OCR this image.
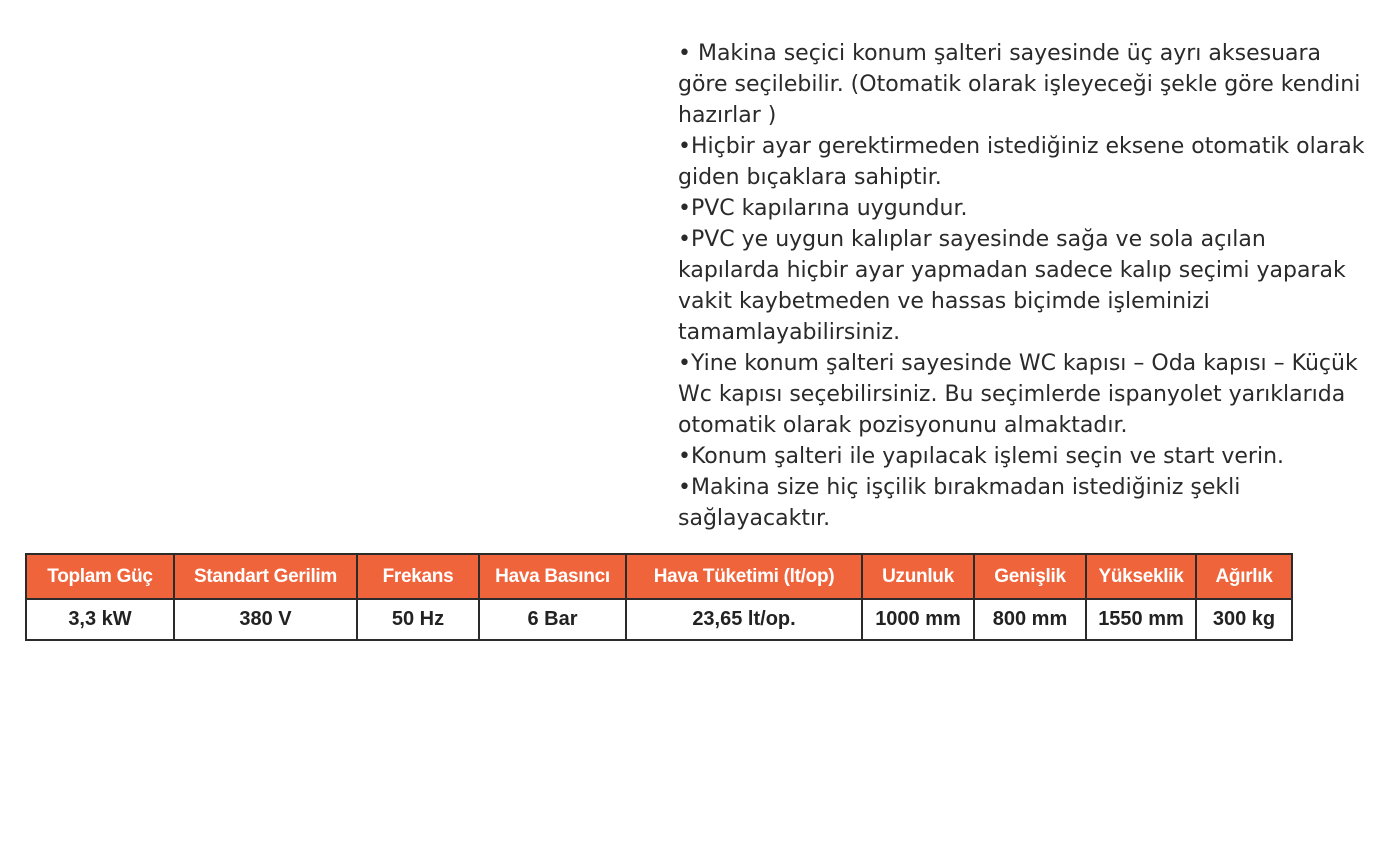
• Makina seçici konum şalteri sayesinde üç ayrı aksesuara göre seçilebilir. (Otomatik olarak işleyeceği şekle göre kendini hazırlar )

•Hiçbir ayar gerektirmeden istediğiniz eksene otomatik olarak giden bıçaklara sahiptir.

•PVC kapılarına uygundur.

•PVC ye uygun kalıplar sayesinde sağa ve sola açılan kapılarda hiçbir ayar yapmadan sadece kalıp seçimi yaparak vakit kaybetmeden ve hassas biçimde işleminizi tamamlayabilirsiniz.

•Yine konum şalteri sayesinde WC kapısı – Oda kapısı – Küçük Wc kapısı seçebilirsiniz. Bu seçimlerde ispanyolet yarıklarıda otomatik olarak pozisyonunu almaktadır.

•Konum şalteri ile yapılacak işlemi seçin ve start verin.

•Makina size hiç işçilik bırakmadan istediğiniz şekli sağlayacaktır.

Toplam Güç	Standart Gerilim	Frekans	Hava Basıncı	Hava Tüketimi (lt/op)	Uzunluk	Genişlik	Yükseklik	Ağırlık
3,3 kW	380 V	50 Hz	6 Bar	23,65 lt/op.	1000 mm	800 mm	1550 mm	300 kg
